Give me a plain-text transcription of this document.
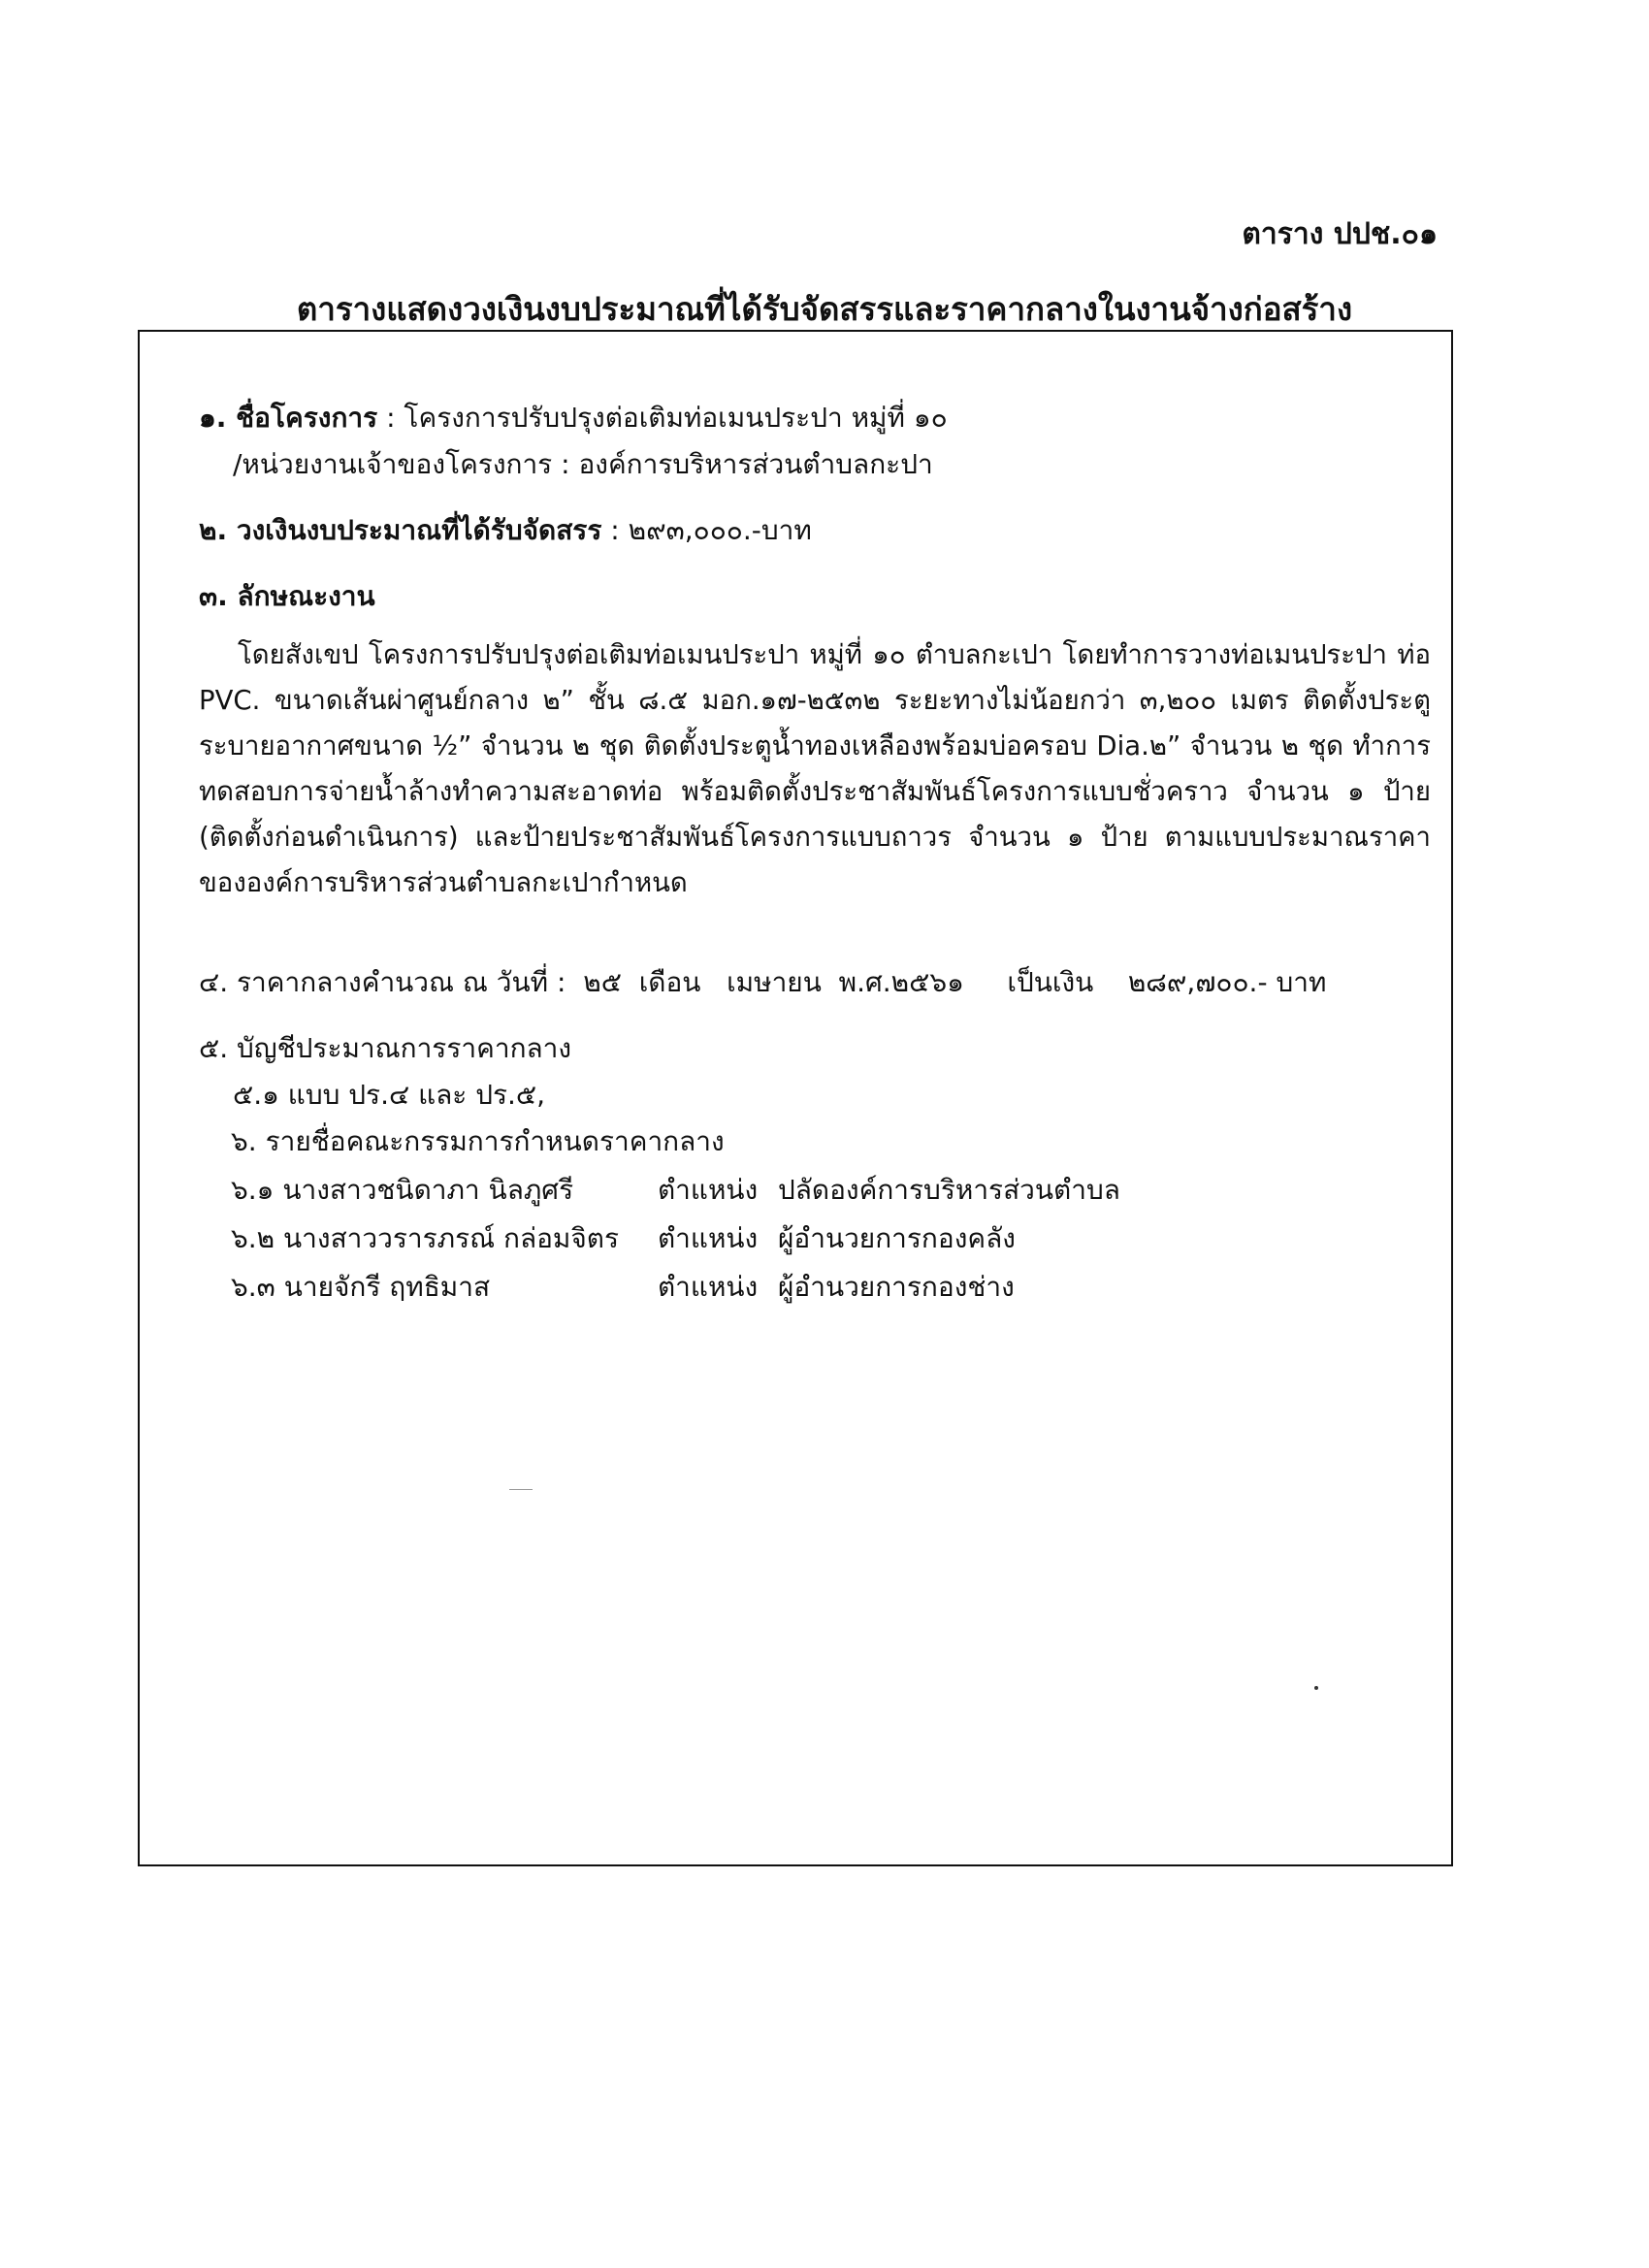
ตาราง ปปช.๐๑
ตารางแสดงวงเงินงบประมาณที่ได้รับจัดสรรและราคากลางในงานจ้างก่อสร้าง
๑. ชื่อโครงการ : โครงการปรับปรุงต่อเติมท่อเมนประปา หมู่ที่ ๑๐
/หน่วยงานเจ้าของโครงการ : องค์การบริหารส่วนตำบลกะปา
๒. วงเงินงบประมาณที่ได้รับจัดสรร : ๒๙๓,๐๐๐.-บาท
๓. ลักษณะงาน
โดยสังเขป โครงการปรับปรุงต่อเติมท่อเมนประปา หมู่ที่ ๑๐ ตำบลกะเปา โดยทำการวางท่อเมนประปา ท่อ PVC. ขนาดเส้นผ่าศูนย์กลาง ๒” ชั้น ๘.๕ มอก.๑๗-๒๕๓๒ ระยะทางไม่น้อยกว่า ๓,๒๐๐ เมตร ติดตั้งประตูระบายอากาศขนาด ½” จำนวน ๒ ชุด ติดตั้งประตูน้ำทองเหลืองพร้อมบ่อครอบ Dia.๒” จำนวน ๒ ชุด ทำการทดสอบการจ่ายน้ำล้างทำความสะอาดท่อ พร้อมติดตั้งประชาสัมพันธ์โครงการแบบชั่วคราว จำนวน ๑ ป้าย (ติดตั้งก่อนดำเนินการ) และป้ายประชาสัมพันธ์โครงการแบบถาวร จำนวน ๑ ป้าย ตามแบบประมาณราคาขององค์การบริหารส่วนตำบลกะเปากำหนด
๔. ราคากลางคำนวณ ณ วันที่ :  ๒๕  เดือน   เมษายน  พ.ศ.๒๕๖๑     เป็นเงิน    ๒๘๙,๗๐๐.- บาท
๕. บัญชีประมาณการราคากลาง
๕.๑ แบบ ปร.๔ และ ปร.๕,
๖. รายชื่อคณะกรรมการกำหนดราคากลาง
๖.๑ นางสาวชนิดาภา นิลภูศรี	ตำแหน่ง ปลัดองค์การบริหารส่วนตำบล
๖.๒ นางสาววรารภรณ์ กล่อมจิตร ตำแหน่ง ผู้อำนวยการกองคลัง
๖.๓ นายจักรี ฤทธิมาส	ตำแหน่ง ผู้อำนวยการกองช่าง
